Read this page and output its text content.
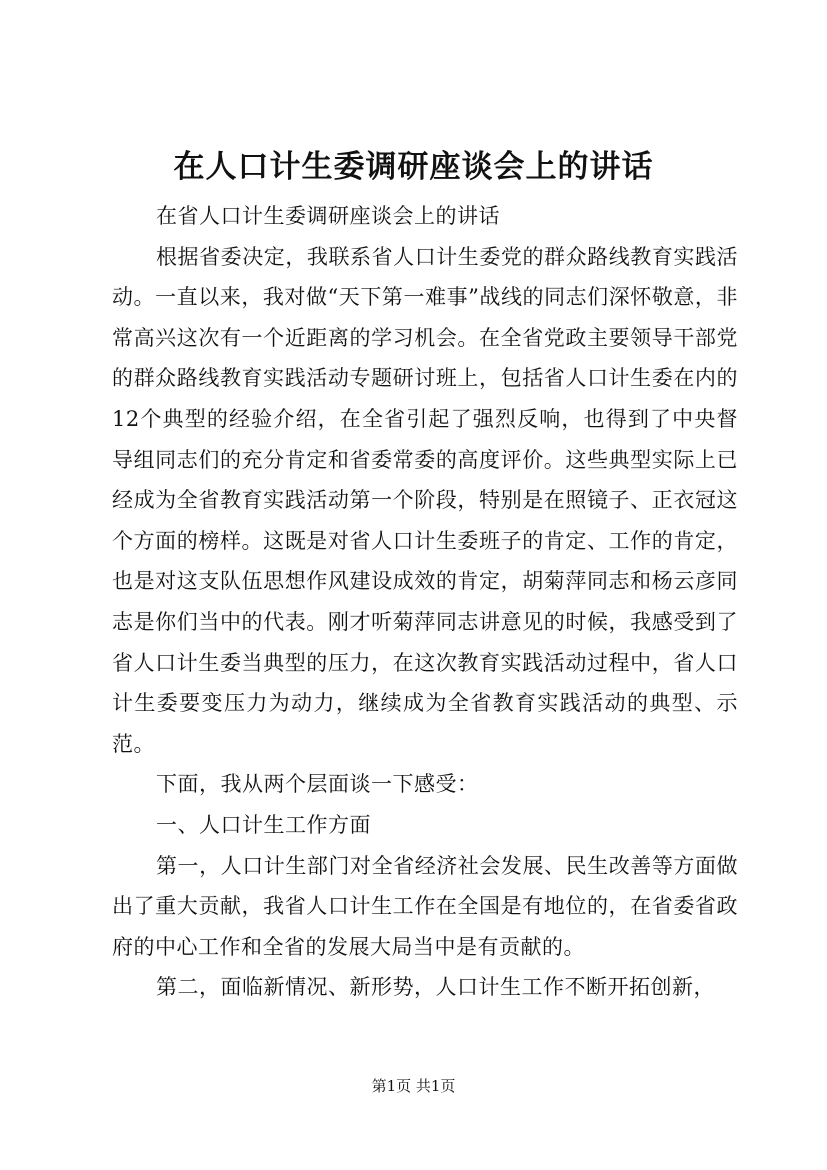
在人口计生委调研座谈会上的讲话

在省人口计生委调研座谈会上的讲话

根据省委决定，我联系省人口计生委党的群众路线教育实践活动。一直以来，我对做“天下第一难事”战线的同志们深怀敬意，非常高兴这次有一个近距离的学习机会。在全省党政主要领导干部党的群众路线教育实践活动专题研讨班上，包括省人口计生委在内的12个典型的经验介绍，在全省引起了强烈反响，也得到了中央督导组同志们的充分肯定和省委常委的高度评价。这些典型实际上已经成为全省教育实践活动第一个阶段，特别是在照镜子、正衣冠这个方面的榜样。这既是对省人口计生委班子的肯定、工作的肯定，也是对这支队伍思想作风建设成效的肯定，胡菊萍同志和杨云彦同志是你们当中的代表。刚才听菊萍同志讲意见的时候，我感受到了省人口计生委当典型的压力，在这次教育实践活动过程中，省人口计生委要变压力为动力，继续成为全省教育实践活动的典型、示范。

下面，我从两个层面谈一下感受：

一、人口计生工作方面

第一，人口计生部门对全省经济社会发展、民生改善等方面做出了重大贡献，我省人口计生工作在全国是有地位的，在省委省政府的中心工作和全省的发展大局当中是有贡献的。

第二，面临新情况、新形势，人口计生工作不断开拓创新，

第1页 共1页
